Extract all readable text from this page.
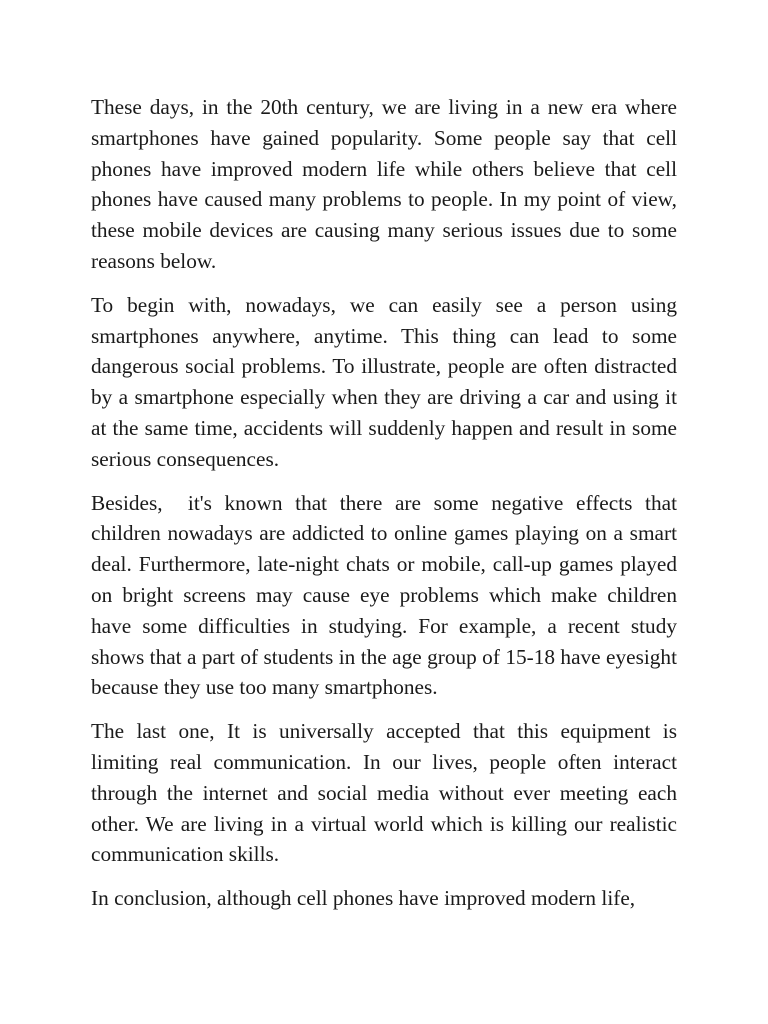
These days, in the 20th century, we are living in a new era where smartphones have gained popularity. Some people say that cell phones have improved modern life while others believe that cell phones have caused many problems to people. In my point of view, these mobile devices are causing many serious issues due to some reasons below.

To begin with, nowadays, we can easily see a person using smartphones anywhere, anytime. This thing can lead to some dangerous social problems. To illustrate, people are often distracted by a smartphone especially when they are driving a car and using it at the same time, accidents will suddenly happen and result in some serious consequences.

Besides,  it's known that there are some negative effects that children nowadays are addicted to online games playing on a smart deal. Furthermore, late-night chats or mobile, call-up games played on bright screens may cause eye problems which make children have some difficulties in studying. For example, a recent study shows that a part of students in the age group of 15-18 have eyesight because they use too many smartphones.

The last one, It is universally accepted that this equipment is limiting real communication. In our lives, people often interact through the internet and social media without ever meeting each other. We are living in a virtual world which is killing our realistic communication skills.

In conclusion, although cell phones have improved modern life,
